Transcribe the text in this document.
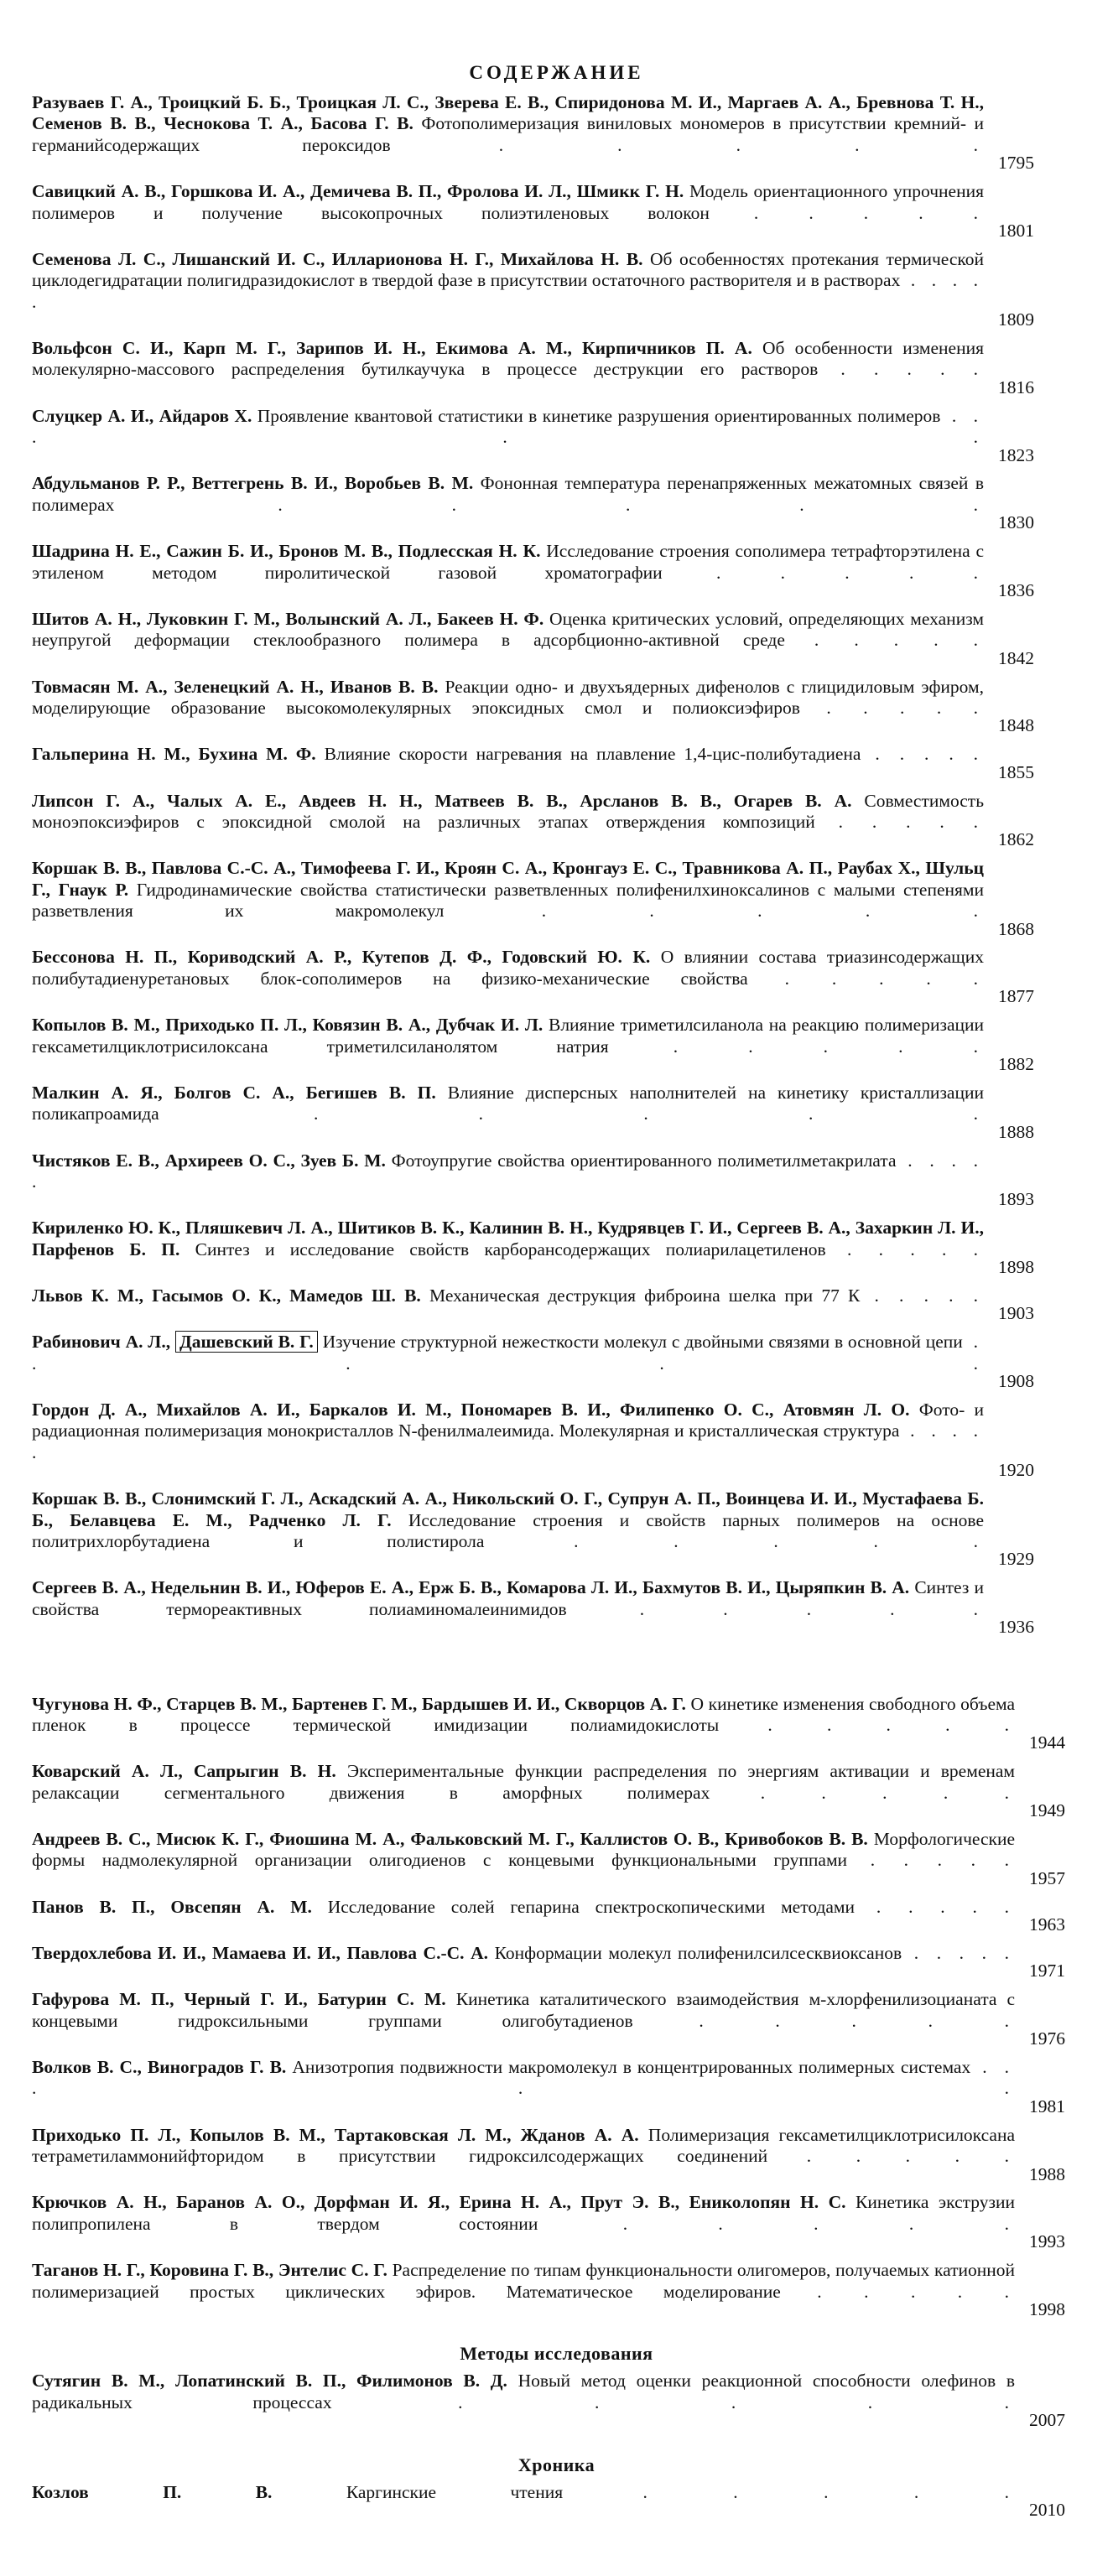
СОДЕРЖАНИЕ
Разуваев Г. А., Троицкий Б. Б., Троицкая Л. С., Зверева Е. В., Спиридонова М. И., Маргаев А. А., Бревнова Т. Н., Семенов В. В., Чеснокова Т. А., Басова Г. В. Фотополимеризация виниловых мономеров в присутствии кремний- и германийсодержащих пероксидов . . . . .
1795
Савицкий А. В., Горшкова И. А., Демичева В. П., Фролова И. Л., Шмикк Г. Н. Модель ориентационного упрочнения полимеров и получение высокопрочных полиэтиленовых волокон . . . . .
1801
Семенова Л. С., Лишанский И. С., Илларионова Н. Г., Михайлова Н. В. Об особенностях протекания термической циклодегидратации полигидразидокислот в твердой фазе в присутствии остаточного растворителя и в растворах . . . . .
1809
Вольфсон С. И., Карп М. Г., Зарипов И. Н., Екимова А. М., Кирпичников П. А. Об особенности изменения молекулярно-массового распределения бутилкаучука в процессе деструкции его растворов . . . . .
1816
Слуцкер А. И., Айдаров Х. Проявление квантовой статистики в кинетике разрушения ориентированных полимеров . . . . .
1823
Абдульманов Р. Р., Веттегрень В. И., Воробьев В. М. Фононная температура перенапряженных межатомных связей в полимерах . . . . .
1830
Шадрина Н. Е., Сажин Б. И., Бронов М. В., Подлесская Н. К. Исследование строения сополимера тетрафторэтилена с этиленом методом пиролитической газовой хроматографии . . . . .
1836
Шитов А. Н., Луковкин Г. М., Волынский А. Л., Бакеев Н. Ф. Оценка критических условий, определяющих механизм неупругой деформации стеклообразного полимера в адсорбционно-активной среде . . . . .
1842
Товмасян М. А., Зеленецкий А. Н., Иванов В. В. Реакции одно- и двухъядерных дифенолов с глицидиловым эфиром, моделирующие образование высокомолекулярных эпоксидных смол и полиоксиэфиров . . . . .
1848
Гальперина Н. М., Бухина М. Ф. Влияние скорости нагревания на плавление 1,4-цис-полибутадиена . . . . .
1855
Липсон Г. А., Чалых А. Е., Авдеев Н. Н., Матвеев В. В., Арсланов В. В., Огарев В. А. Совместимость моноэпоксиэфиров с эпоксидной смолой на различных этапах отверждения композиций . . . . .
1862
Коршак В. В., Павлова С.-С. А., Тимофеева Г. И., Кроян С. А., Кронгауз Е. С., Травникова А. П., Раубах Х., Шульц Г., Гнаук Р. Гидродинамические свойства статистически разветвленных полифенилхиноксалинов с малыми степенями разветвления их макромолекул . . . . .
1868
Бессонова Н. П., Кориводский А. Р., Кутепов Д. Ф., Годовский Ю. К. О влиянии состава триазинсодержащих полибутадиенуретановых блок-сополимеров на физико-механические свойства . . . . .
1877
Копылов В. М., Приходько П. Л., Ковязин В. А., Дубчак И. Л. Влияние триметилсиланола на реакцию полимеризации гексаметилциклотрисилоксана триметилсиланолятом натрия . . . . .
1882
Малкин А. Я., Болгов С. А., Бегишев В. П. Влияние дисперсных наполнителей на кинетику кристаллизации поликапроамида . . . . .
1888
Чистяков Е. В., Архиреев О. С., Зуев Б. М. Фотоупругие свойства ориентированного полиметилметакрилата . . . . .
1893
Кириленко Ю. К., Пляшкевич Л. А., Шитиков В. К., Калинин В. Н., Кудрявцев Г. И., Сергеев В. А., Захаркин Л. И., Парфенов Б. П. Синтез и исследование свойств карборансодержащих полиарилацетиленов . . . . .
1898
Львов К. М., Гасымов О. К., Мамедов Ш. В. Механическая деструкция фиброина шелка при 77 К . . . . .
1903
Рабинович А. Л., Дашевский В. Г. Изучение структурной нежесткости молекул с двойными связями в основной цепи . . . . .
1908
Гордон Д. А., Михайлов А. И., Баркалов И. М., Пономарев В. И., Филипенко О. С., Атовмян Л. О. Фото- и радиационная полимеризация монокристаллов N-фенилмалеимида. Молекулярная и кристаллическая структура . . . . .
1920
Коршак В. В., Слонимский Г. Л., Аскадский А. А., Никольский О. Г., Супрун А. П., Воинцева И. И., Мустафаева Б. Б., Белавцева Е. М., Радченко Л. Г. Исследование строения и свойств парных полимеров на основе политрихлорбутадиена и полистирола . . . . .
1929
Сергеев В. А., Недельнин В. И., Юферов Е. А., Ерж Б. В., Комарова Л. И., Бахмутов В. И., Цыряпкин В. А. Синтез и свойства термореактивных полиаминомалеинимидов . . . . .
1936
Чугунова Н. Ф., Старцев В. М., Бартенев Г. М., Бардышев И. И., Скворцов А. Г. О кинетике изменения свободного объема пленок в процессе термической имидизации полиамидокислоты . . . . .
1944
Коварский А. Л., Сапрыгин В. Н. Экспериментальные функции распределения по энергиям активации и временам релаксации сегментального движения в аморфных полимерах . . . . .
1949
Андреев В. С., Мисюк К. Г., Фиошина М. А., Фальковский М. Г., Каллистов О. В., Кривобоков В. В. Морфологические формы надмолекулярной организации олигодиенов с концевыми функциональными группами . . . . .
1957
Панов В. П., Овсепян А. М. Исследование солей гепарина спектроскопическими методами . . . . .
1963
Твердохлебова И. И., Мамаева И. И., Павлова С.-С. А. Конформации молекул полифенилсилсесквиоксанов . . . . .
1971
Гафурова М. П., Черный Г. И., Батурин С. М. Кинетика каталитического взаимодействия м-хлорфенилизоцианата с концевыми гидроксильными группами олигобутадиенов . . . . .
1976
Волков В. С., Виноградов Г. В. Анизотропия подвижности макромолекул в концентрированных полимерных системах . . . . .
1981
Приходько П. Л., Копылов В. М., Тартаковская Л. М., Жданов А. А. Полимеризация гексаметилциклотрисилоксана тетраметиламмонийфторидом в присутствии гидроксилсодержащих соединений . . . . .
1988
Крючков А. Н., Баранов А. О., Дорфман И. Я., Ерина Н. А., Прут Э. В., Ениколопян Н. С. Кинетика экструзии полипропилена в твердом состоянии . . . . .
1993
Таганов Н. Г., Коровина Г. В., Энтелис С. Г. Распределение по типам функциональности олигомеров, получаемых катионной полимеризацией простых циклических эфиров. Математическое моделирование . . . . .
1998
Методы исследования
Сутягин В. М., Лопатинский В. П., Филимонов В. Д. Новый метод оценки реакционной способности олефинов в радикальных процессах . . . . .
2007
Хроника
Козлов П. В.	Каргинские чтения . . . . .
2010
